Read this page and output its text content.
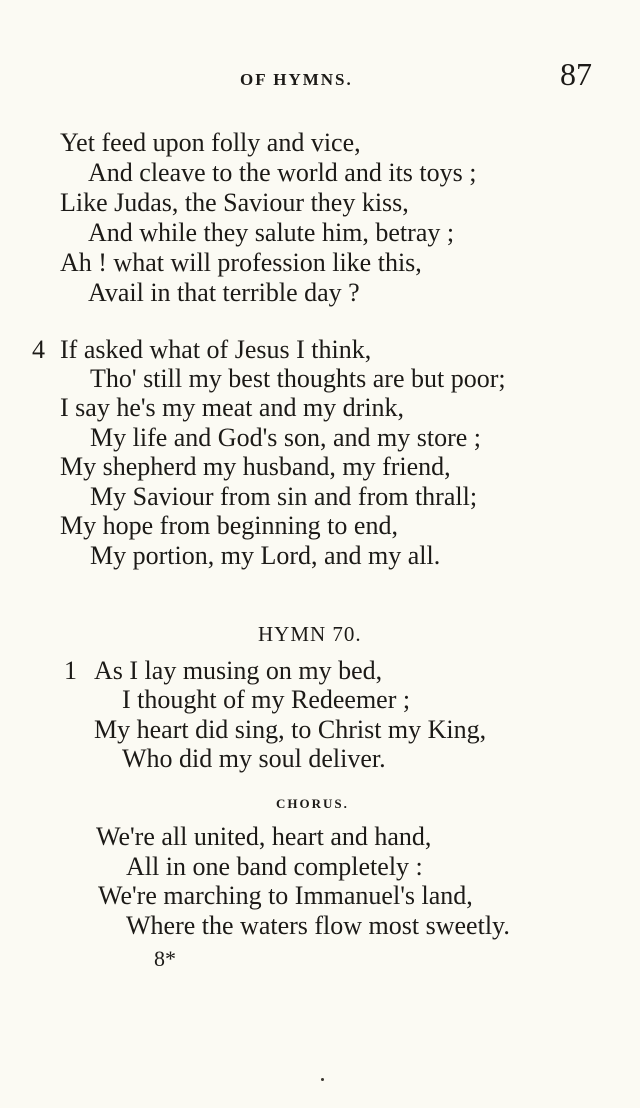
OF HYMNS.	87
Yet feed upon folly and vice,
And cleave to the world and its toys ;
Like Judas, the Saviour they kiss,
And while they salute him, betray ;
Ah ! what will profession like this,
Avail in that terrible day ?
4 If asked what of Jesus I think,
Tho' still my best thoughts are but poor;
I say he's my meat and my drink,
My life and God's son, and my store ;
My shepherd my husband, my friend,
My Saviour from sin and from thrall;
My hope from beginning to end,
My portion, my Lord, and my all.
HYMN 70.
1 As I lay musing on my bed,
I thought of my Redeemer ;
My heart did sing, to Christ my King,
Who did my soul deliver.
CHORUS.
We're all united, heart and hand,
All in one band completely :
We're marching to Immanuel's land,
Where the waters flow most sweetly.
8*
